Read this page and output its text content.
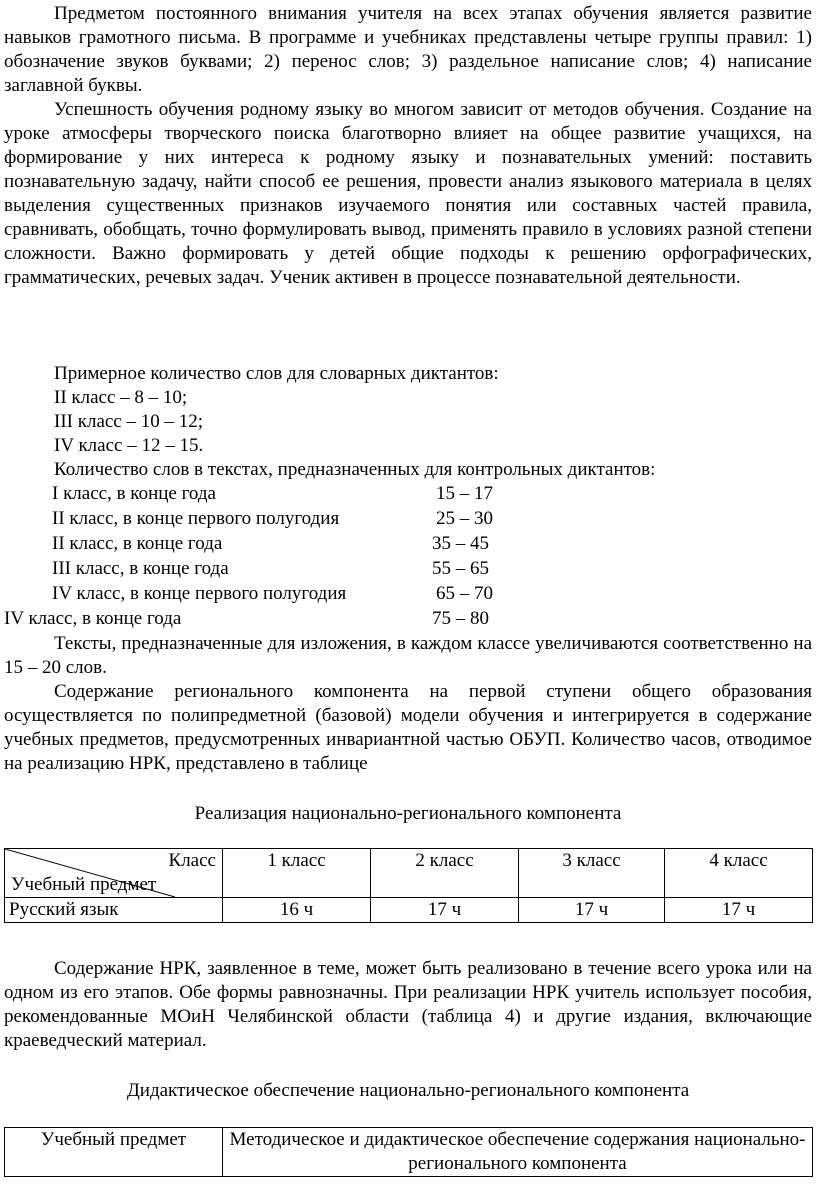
Предметом постоянного внимания учителя на всех этапах обучения является развитие навыков грамотного письма. В программе и учебниках представлены четыре группы правил: 1) обозначение звуков буквами; 2) перенос слов; 3) раздельное написание слов; 4) написание заглавной буквы.

Успешность обучения родному языку во многом зависит от методов обучения. Создание на уроке атмосферы творческого поиска благотворно влияет на общее развитие учащихся, на формирование у них интереса к родному языку и познавательных умений: поставить познавательную задачу, найти способ ее решения, провести анализ языкового материала в целях выделения существенных признаков изучаемого понятия или составных частей правила, сравнивать, обобщать, точно формулировать вывод, применять правило в условиях разной степени сложности. Важно формировать у детей общие подходы к решению орфографических, грамматических, речевых задач. Ученик активен в процессе познавательной деятельности.

Примерное количество слов для словарных диктантов:
II класс – 8 – 10;
III класс – 10 – 12;
IV класс – 12 – 15.
Количество слов в текстах, предназначенных для контрольных диктантов:
I класс, в конце года	15 – 17
II класс, в конце первого полугодия	25 – 30
II класс, в конце года	35 – 45
III класс, в конце года	55 – 65
IV класс, в конце первого полугодия	65 – 70
IV класс, в конце года	75 – 80

Тексты, предназначенные для изложения, в каждом классе увеличиваются соответственно на 15 – 20 слов.

Содержание регионального компонента на первой ступени общего образования осуществляется по полипредметной (базовой) модели обучения и интегрируется в содержание учебных предметов, предусмотренных инвариантной частью ОБУП. Количество часов, отводимое на реализацию НРК, представлено в таблице

Реализация национально-регионального компонента
Класс
Учебный предмет	1 класс	2 класс	3 класс	4 класс
Русский язык	16 ч	17 ч	17 ч	17 ч

Содержание НРК, заявленное в теме, может быть реализовано в течение всего урока или на одном из его этапов. Обе формы равнозначны. При реализации НРК учитель использует пособия, рекомендованные МОиН Челябинской области (таблица 4) и другие издания, включающие краеведческий материал.

Дидактическое обеспечение национально-регионального компонента
Учебный предмет	Методическое и дидактическое обеспечение содержания национально-регионального компонента
